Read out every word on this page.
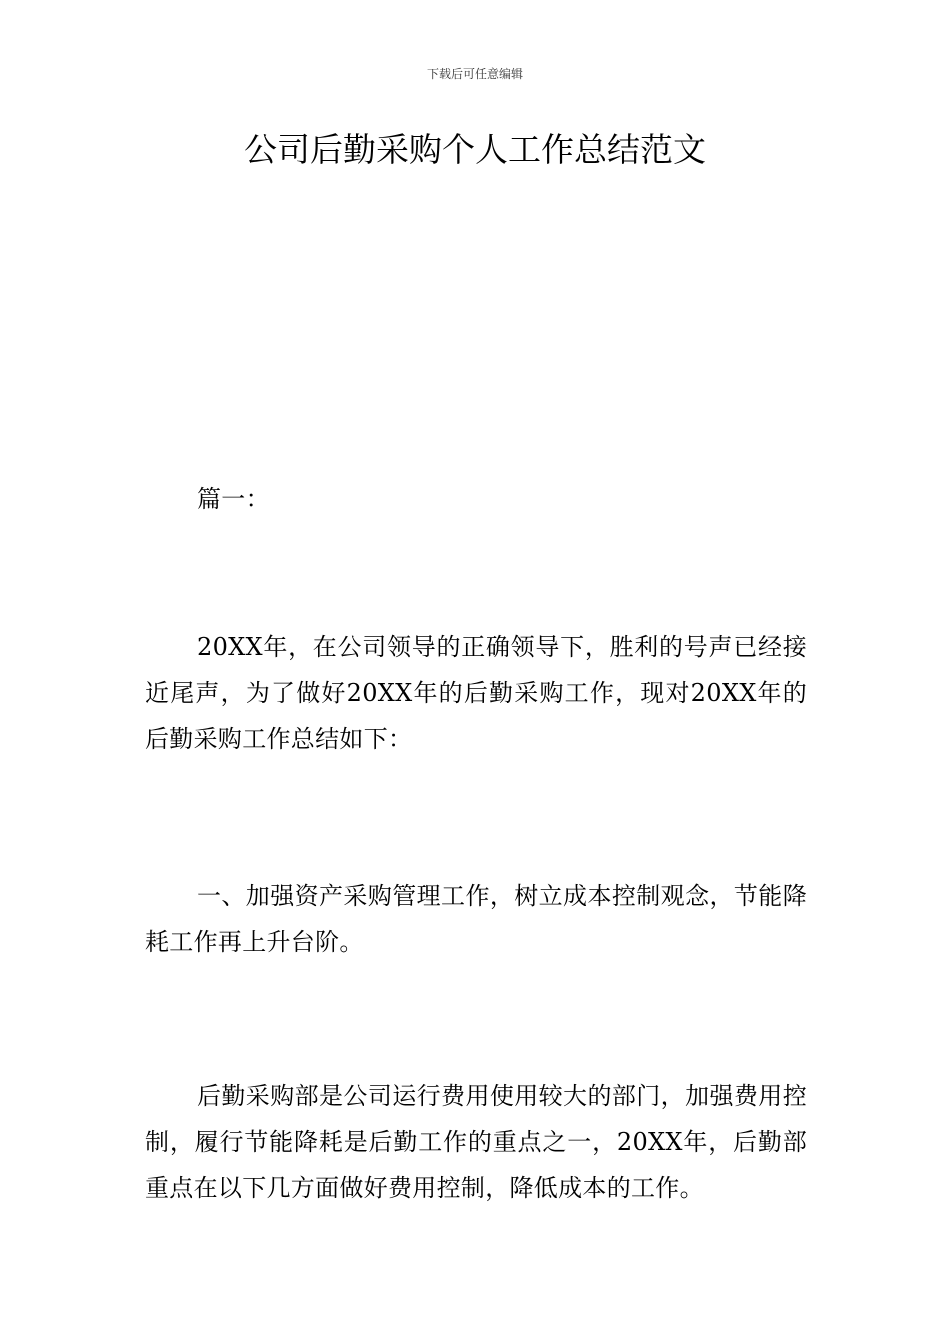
下载后可任意编辑
公司后勤采购个人工作总结范文

篇一：

20XX年，在公司领导的正确领导下，胜利的号声已经接近尾声，为了做好20XX年的后勤采购工作，现对20XX年的后勤采购工作总结如下：

一、加强资产采购管理工作，树立成本控制观念，节能降耗工作再上升台阶。

后勤采购部是公司运行费用使用较大的部门，加强费用控制，履行节能降耗是后勤工作的重点之一，20XX年，后勤部重点在以下几方面做好费用控制，降低成本的工作。
